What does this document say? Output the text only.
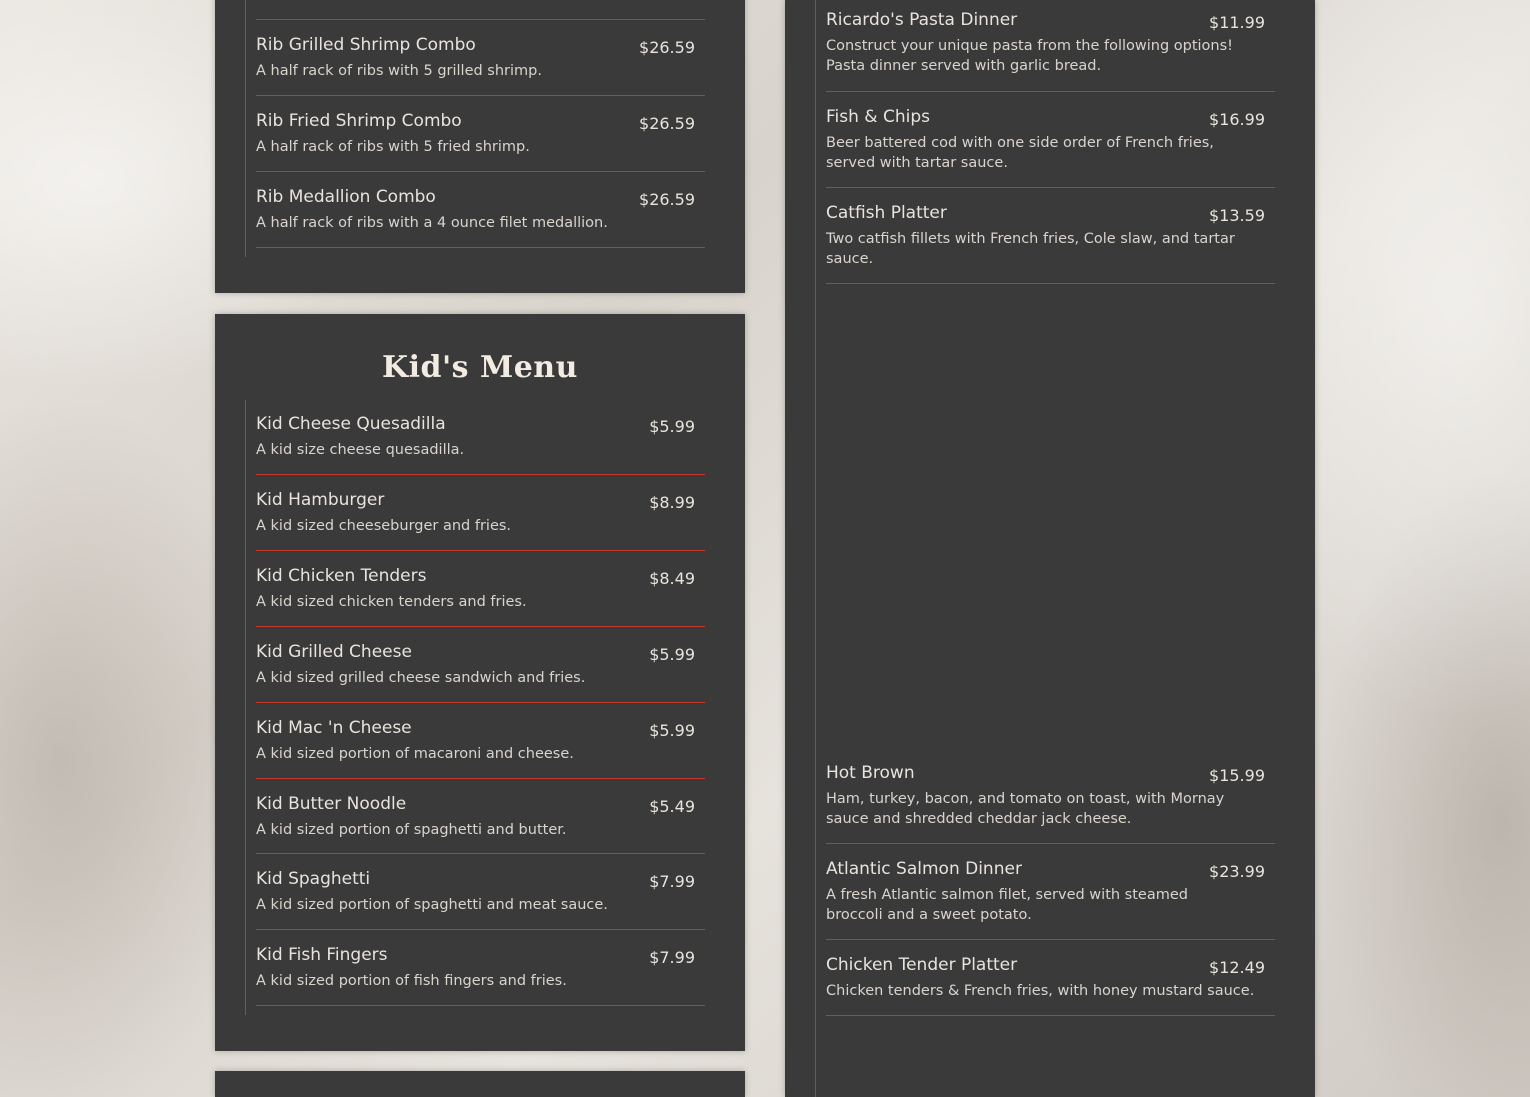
Rib Grilled Shrimp Combo	$26.59
A half rack of ribs with 5 grilled shrimp.
Rib Fried Shrimp Combo	$26.59
A half rack of ribs with 5 fried shrimp.
Rib Medallion Combo	$26.59
A half rack of ribs with a 4 ounce filet medallion.
Kid's Menu
Kid Cheese Quesadilla	$5.99
A kid size cheese quesadilla.
Kid Hamburger	$8.99
A kid sized cheeseburger and fries.
Kid Chicken Tenders	$8.49
A kid sized chicken tenders and fries.
Kid Grilled Cheese	$5.99
A kid sized grilled cheese sandwich and fries.
Kid Mac 'n Cheese	$5.99
A kid sized portion of macaroni and cheese.
Kid Butter Noodle	$5.49
A kid sized portion of spaghetti and butter.
Kid Spaghetti	$7.99
A kid sized portion of spaghetti and meat sauce.
Kid Fish Fingers	$7.99
A kid sized portion of fish fingers and fries.
Ricardo's Pasta Dinner	$11.99
Construct your unique pasta from the following options! Pasta dinner served with garlic bread.
Fish & Chips	$16.99
Beer battered cod with one side order of French fries, served with tartar sauce.
Catfish Platter	$13.59
Two catfish fillets with French fries, Cole slaw, and tartar sauce.
Hot Brown	$15.99
Ham, turkey, bacon, and tomato on toast, with Mornay sauce and shredded cheddar jack cheese.
Atlantic Salmon Dinner	$23.99
A fresh Atlantic salmon filet, served with steamed broccoli and a sweet potato.
Chicken Tender Platter	$12.49
Chicken tenders & French fries, with honey mustard sauce.
